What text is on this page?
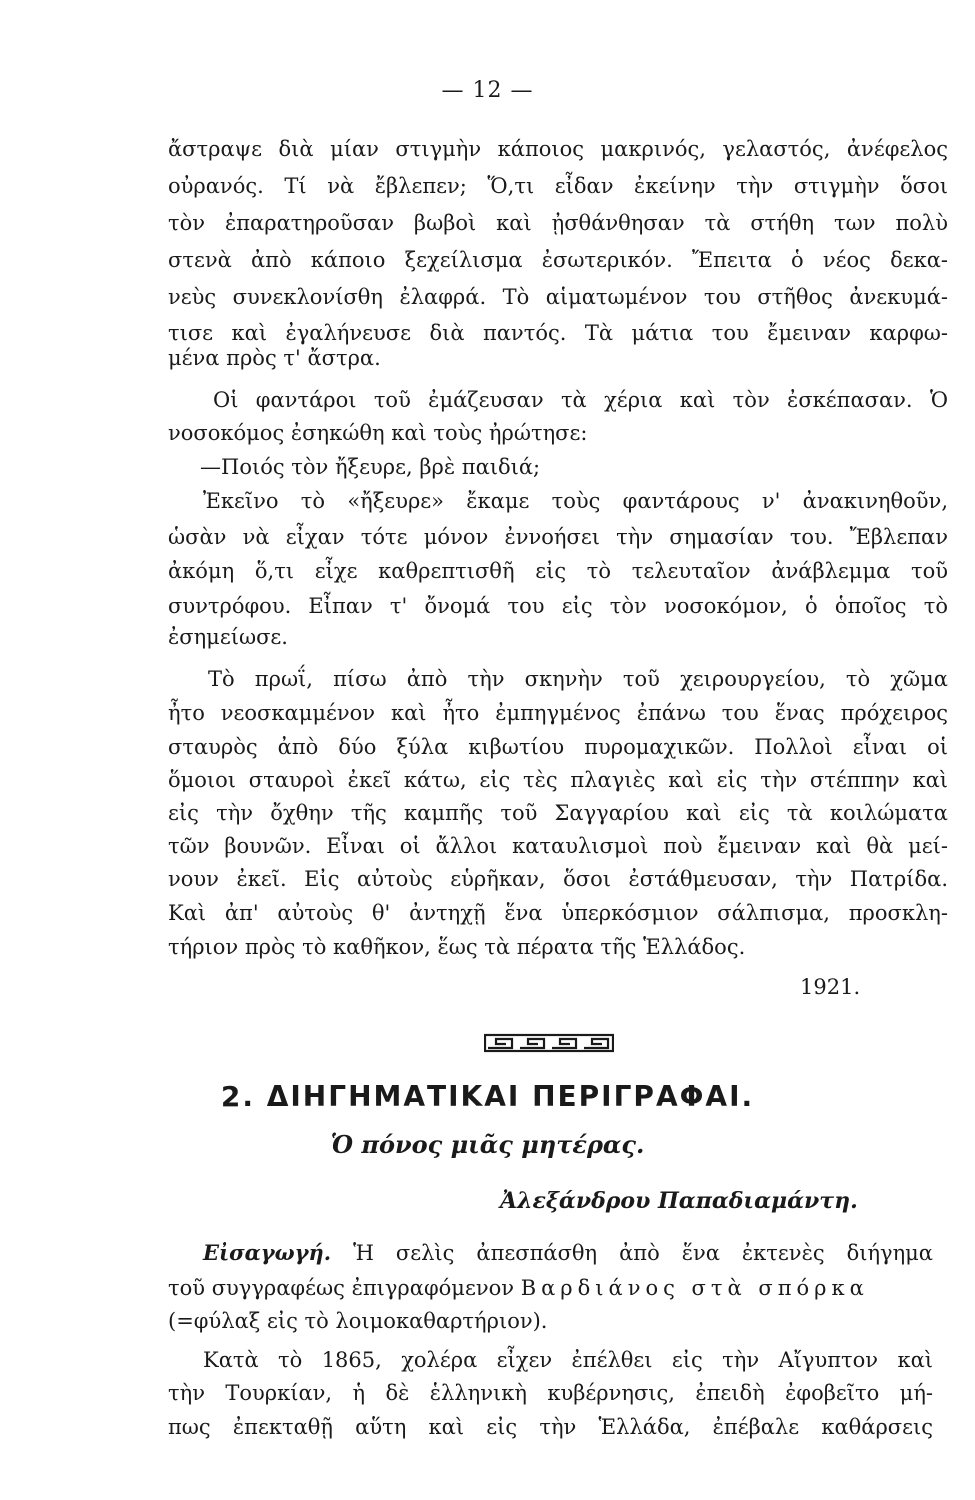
— 12 —
ἄστραψε διὰ μίαν στιγμὴν κάποιος μακρινός, γελαστός, ἀνέφελος
οὐρανός. Τί νὰ ἔβλεπεν; Ὅ,τι εἶδαν ἐκείνην τὴν στιγμὴν ὅσοι
τὸν ἐπαρατηροῦσαν βωβοὶ καὶ ᾐσθάνθησαν τὰ στήθη των πολὺ
στενὰ ἀπὸ κάποιο ξεχείλισμα ἐσωτερικόν. Ἔπειτα ὁ νέος δεκα-
νεὺς συνεκλονίσθη ἐλαφρά. Τὸ αἱματωμένον του στῆθος ἀνεκυμά-
τισε καὶ ἐγαλήνευσε διὰ παντός. Τὰ μάτια του ἔμειναν καρφω-
μένα πρὸς τ' ἄστρα.
Οἱ φαντάροι τοῦ ἐμάζευσαν τὰ χέρια καὶ τὸν ἐσκέπασαν. Ὁ
νοσοκόμος ἐσηκώθη καὶ τοὺς ἠρώτησε:
—Ποιός τὸν ἤξευρε, βρὲ παιδιά;
Ἐκεῖνο τὸ «ἤξευρε» ἔκαμε τοὺς φαντάρους ν' ἀνακινηθοῦν,
ὡσὰν νὰ εἶχαν τότε μόνον ἐννοήσει τὴν σημασίαν του. Ἔβλεπαν
ἀκόμη ὅ,τι εἶχε καθρεπτισθῆ εἰς τὸ τελευταῖον ἀνάβλεμμα τοῦ
συντρόφου. Εἶπαν τ' ὄνομά του εἰς τὸν νοσοκόμον, ὁ ὁποῖος τὸ
ἐσημείωσε.
Τὸ πρωΐ, πίσω ἀπὸ τὴν σκηνὴν τοῦ χειρουργείου, τὸ χῶμα
ἦτο νεοσκαμμένον καὶ ἦτο ἐμπηγμένος ἐπάνω του ἕνας πρόχειρος
σταυρὸς ἀπὸ δύο ξύλα κιβωτίου πυρομαχικῶν. Πολλοὶ εἶναι οἱ
ὅμοιοι σταυροὶ ἐκεῖ κάτω, εἰς τὲς πλαγιὲς καὶ εἰς τὴν στέππην καὶ
εἰς τὴν ὄχθην τῆς καμπῆς τοῦ Σαγγαρίου καὶ εἰς τὰ κοιλώματα
τῶν βουνῶν. Εἶναι οἱ ἄλλοι καταυλισμοὶ ποὺ ἔμειναν καὶ θὰ μεί-
νουν ἐκεῖ. Εἰς αὐτοὺς εὑρῆκαν, ὅσοι ἐστάθμευσαν, τὴν Πατρίδα.
Καὶ ἀπ' αὐτοὺς θ' ἀντηχῇ ἕνα ὑπερκόσμιον σάλπισμα, προσκλη-
τήριον πρὸς τὸ καθῆκον, ἕως τὰ πέρατα τῆς Ἑλλάδος.
1921.
2. ΔΙΗΓΗΜΑΤΙΚΑΙ ΠΕΡΙΓΡΑΦΑΙ.
Ὁ πόνος μιᾶς μητέρας.
Ἀλεξάνδρου Παπαδιαμάντη.
Εἰσαγωγή. Ἡ σελὶς ἀπεσπάσθη ἀπὸ ἕνα ἐκτενὲς διήγημα
τοῦ συγγραφέως ἐπιγραφόμενον Βαρδιάνος στὰ σπόρκα
(=φύλαξ εἰς τὸ λοιμοκαθαρτήριον).
Κατὰ τὸ 1865, χολέρα εἶχεν ἐπέλθει εἰς τὴν Αἴγυπτον καὶ
τὴν Τουρκίαν, ἡ δὲ ἑλληνικὴ κυβέρνησις, ἐπειδὴ ἐφοβεῖτο μή-
πως ἐπεκταθῇ αὕτη καὶ εἰς τὴν Ἑλλάδα, ἐπέβαλε καθάρσεις
